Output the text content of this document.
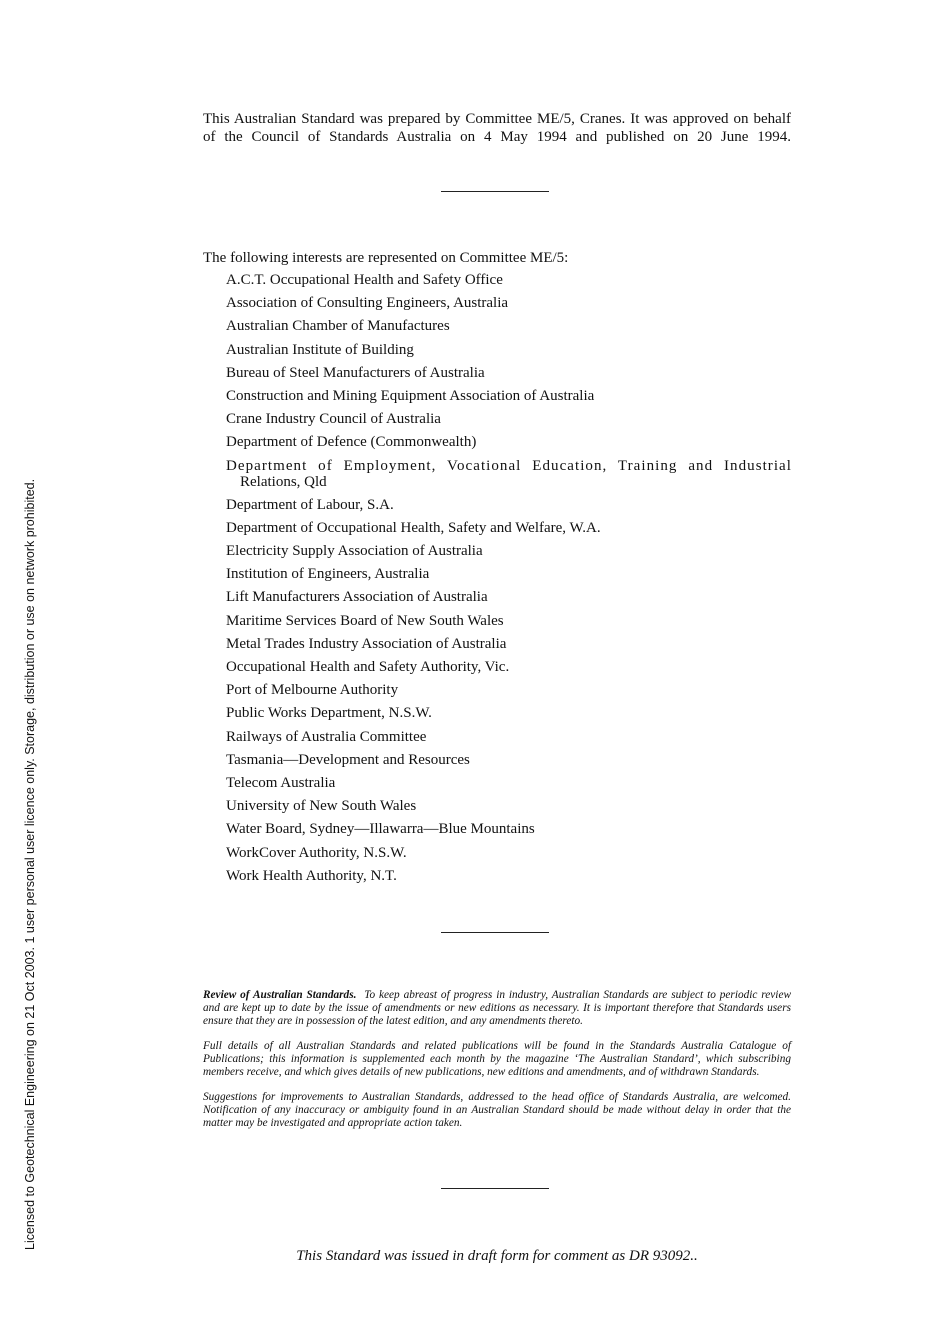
Licensed to Geotechnical Engineering on 21 Oct 2003. 1 user personal user licence only. Storage, distribution or use on network prohibited.
This Australian Standard was prepared by Committee ME/5, Cranes. It was approved on behalf of the Council of Standards Australia on 4 May 1994 and published on 20 June 1994.
The following interests are represented on Committee ME/5:
A.C.T. Occupational Health and Safety Office
Association of Consulting Engineers, Australia
Australian Chamber of Manufactures
Australian Institute of Building
Bureau of Steel Manufacturers of Australia
Construction and Mining Equipment Association of Australia
Crane Industry Council of Australia
Department of Defence (Commonwealth)
Department of Employment, Vocational Education, Training and Industrial Relations, Qld
Department of Labour, S.A.
Department of Occupational Health, Safety and Welfare, W.A.
Electricity Supply Association of Australia
Institution of Engineers, Australia
Lift Manufacturers Association of Australia
Maritime Services Board of New South Wales
Metal Trades Industry Association of Australia
Occupational Health and Safety Authority, Vic.
Port of Melbourne Authority
Public Works Department, N.S.W.
Railways of Australia Committee
Tasmania—Development and Resources
Telecom Australia
University of New South Wales
Water Board, Sydney—Illawarra—Blue Mountains
WorkCover Authority, N.S.W.
Work Health Authority, N.T.

Review of Australian Standards. To keep abreast of progress in industry, Australian Standards are subject to periodic review and are kept up to date by the issue of amendments or new editions as necessary. It is important therefore that Standards users ensure that they are in possession of the latest edition, and any amendments thereto.

Full details of all Australian Standards and related publications will be found in the Standards Australia Catalogue of Publications; this information is supplemented each month by the magazine ‘The Australian Standard’, which subscribing members receive, and which gives details of new publications, new editions and amendments, and of withdrawn Standards.

Suggestions for improvements to Australian Standards, addressed to the head office of Standards Australia, are welcomed. Notification of any inaccuracy or ambiguity found in an Australian Standard should be made without delay in order that the matter may be investigated and appropriate action taken.

This Standard was issued in draft form for comment as DR 93092..
